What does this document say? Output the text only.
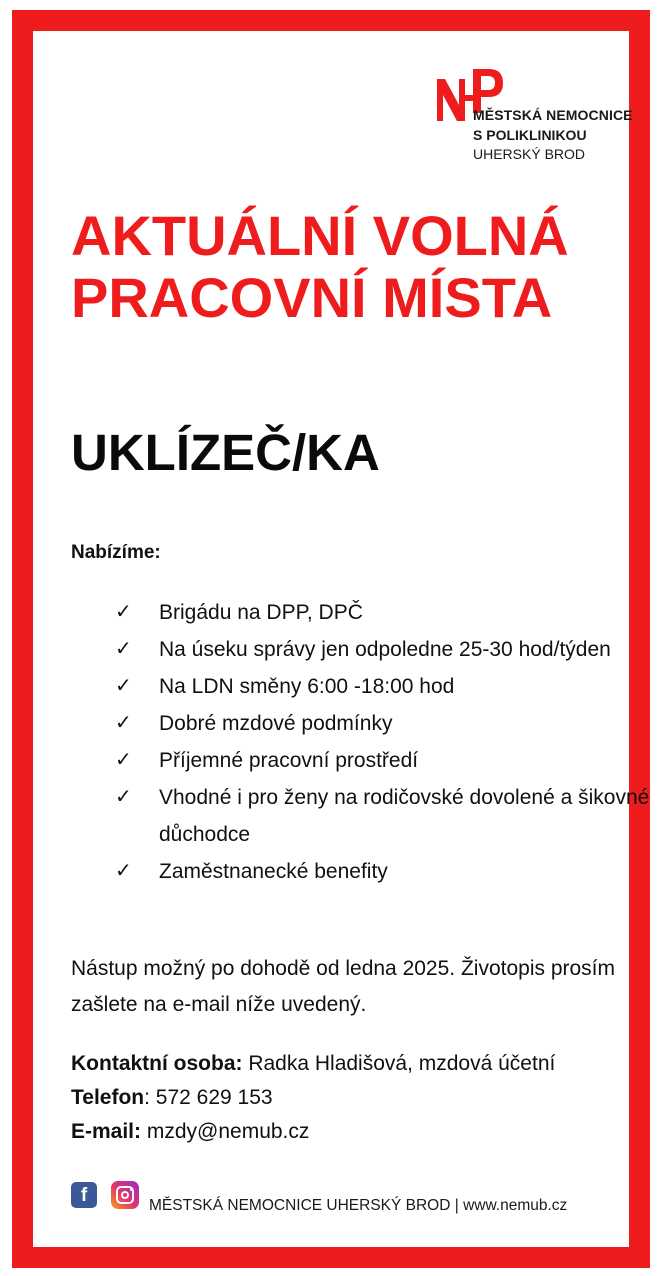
MĚSTSKÁ NEMOCNICE
S POLIKLINIKOU
UHERSKÝ BROD
AKTUÁLNÍ VOLNÁ
PRACOVNÍ MÍSTA
UKLÍZEČ/KA

Nabízíme:

✓ Brigádu na DPP, DPČ
✓ Na úseku správy jen odpoledne 25-30 hod/týden
✓ Na LDN směny 6:00 -18:00 hod
✓ Dobré mzdové podmínky
✓ Příjemné pracovní prostředí
✓ Vhodné i pro ženy na rodičovské dovolené a šikovné důchodce
✓ Zaměstnanecké benefity

Nástup možný po dohodě od ledna 2025. Životopis prosím zašlete na e-mail níže uvedený.

Kontaktní osoba: Radka Hladišová, mzdová účetní
Telefon: 572 629 153
E-mail: mzdy@nemub.cz
f	MĚSTSKÁ NEMOCNICE UHERSKÝ BROD | www.nemub.cz
